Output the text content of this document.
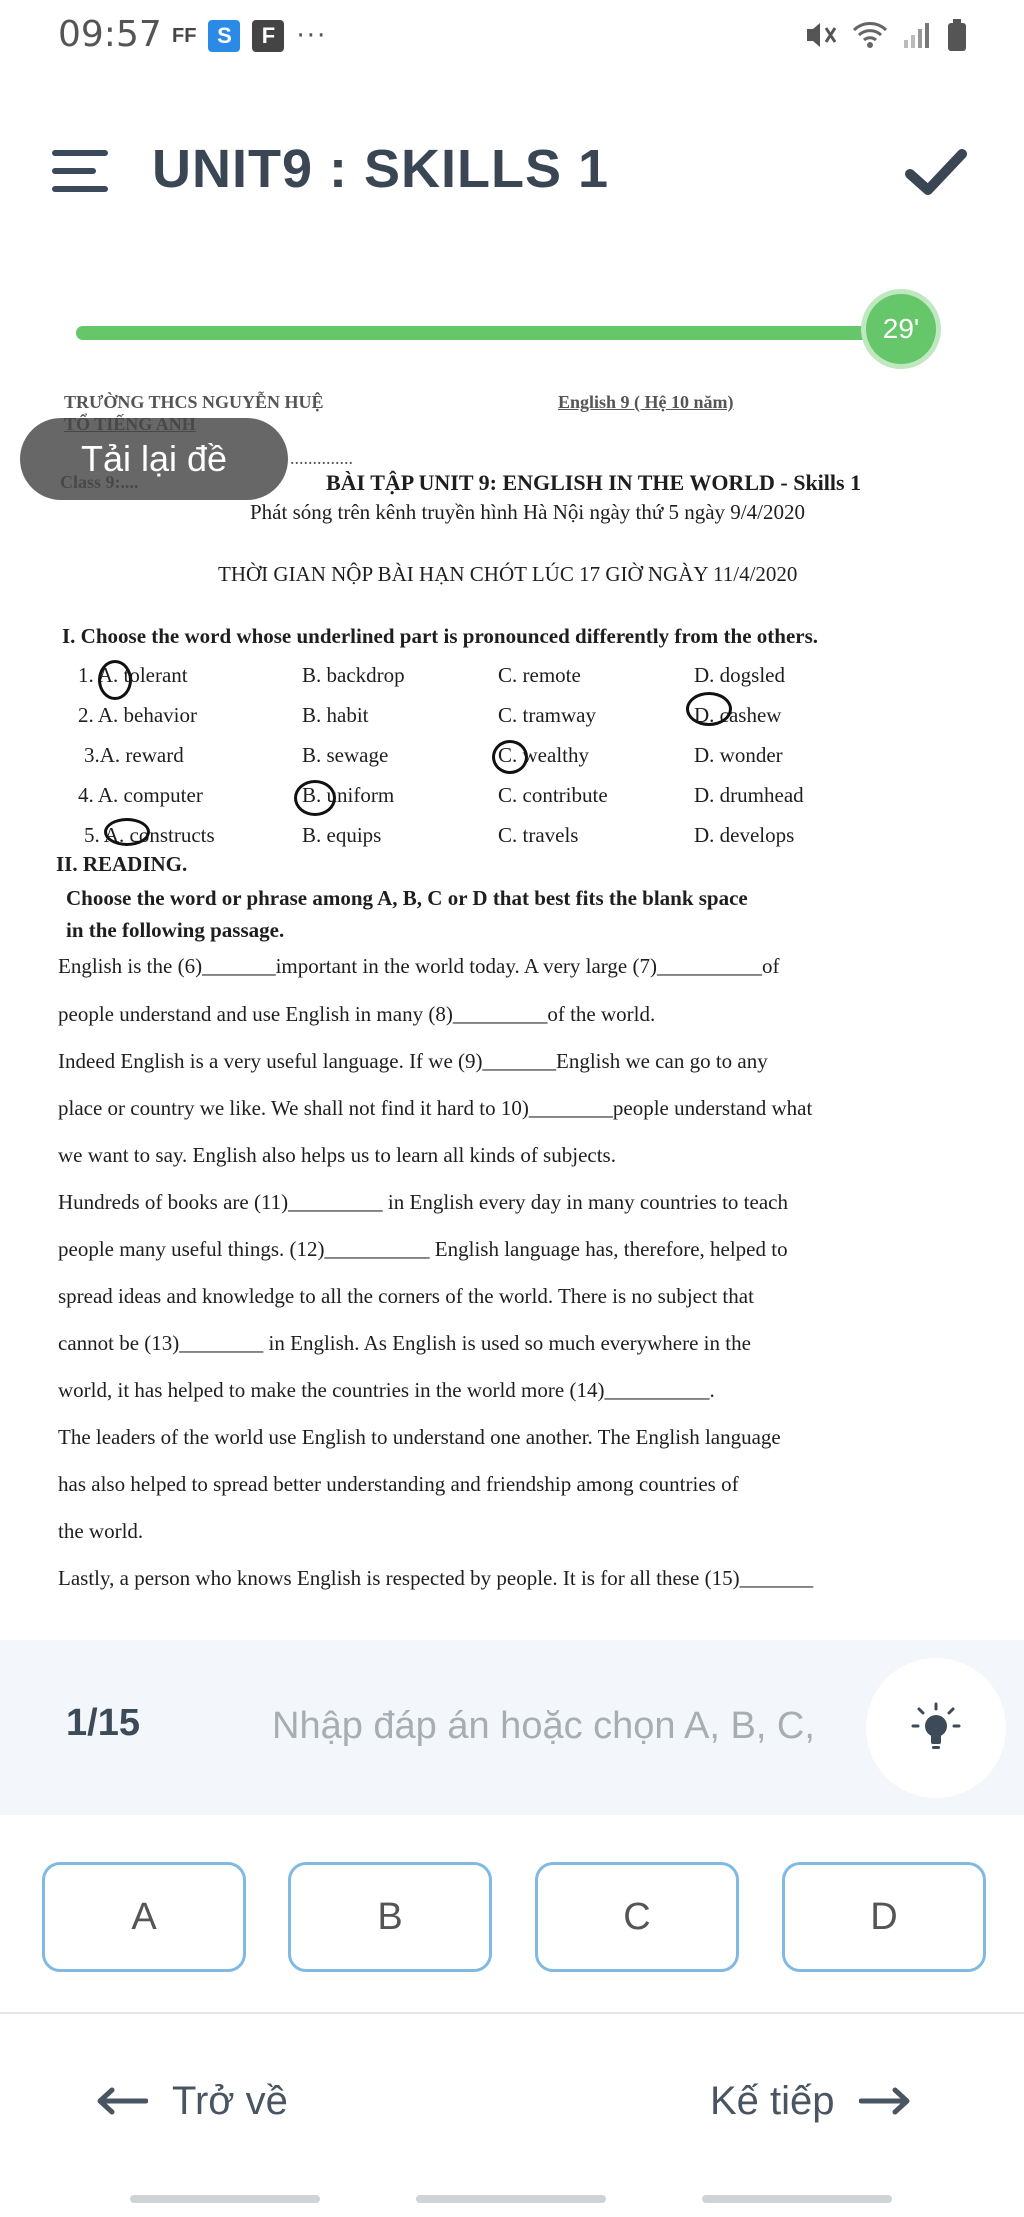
09:57 FF S	F ···
UNIT9 : SKILLS 1
29'
TRƯỜNG THCS NGUYỄN HUỆ	English 9 ( Hệ 10 năm)
..............
BÀI TẬP UNIT 9: ENGLISH IN THE WORLD - Skills 1
Phát sóng trên kênh truyền hình Hà Nội ngày thứ 5 ngày 9/4/2020
THỜI GIAN NỘP BÀI HẠN CHÓT LÚC 17 GIỜ NGÀY 11/4/2020
I. Choose the word whose underlined part is pronounced differently from the others.
1. A. tolerant	B. backdrop	C. remote	D. dogsled
2. A. behavior	B. habit	C. tramway	D. cashew
3.A. reward	B. sewage	C. wealthy	D. wonder
4. A. computer	B. uniform	C. contribute	D. drumhead
5. A. constructs	B. equips	C. travels	D. develops
II. READING.
Choose the word or phrase among A, B, C or D that best fits the blank space
in the following passage.
English is the (6)_______important in the world today. A very large (7)__________of
people understand and use English in many (8)_________of the world.
Indeed English is a very useful language. If we (9)_______English we can go to any
place or country we like. We shall not find it hard to 10)________people understand what
we want to say. English also helps us to learn all kinds of subjects.
Hundreds of books are (11)_________ in English every day in many countries to teach
people many useful things. (12)__________ English language has, therefore, helped to
spread ideas and knowledge to all the corners of the world. There is no subject that
cannot be (13)________ in English. As English is used so much everywhere in the
world, it has helped to make the countries in the world more (14)__________.
The leaders of the world use English to understand one another. The English language
has also helped to spread better understanding and friendship among countries of
the world.
Lastly, a person who knows English is respected by people. It is for all these (15)_______
Tải lại đề
1/15
Nhập đáp án hoặc chọn A, B, C, D
A	B	C	D
Trở về	Kế tiếp
